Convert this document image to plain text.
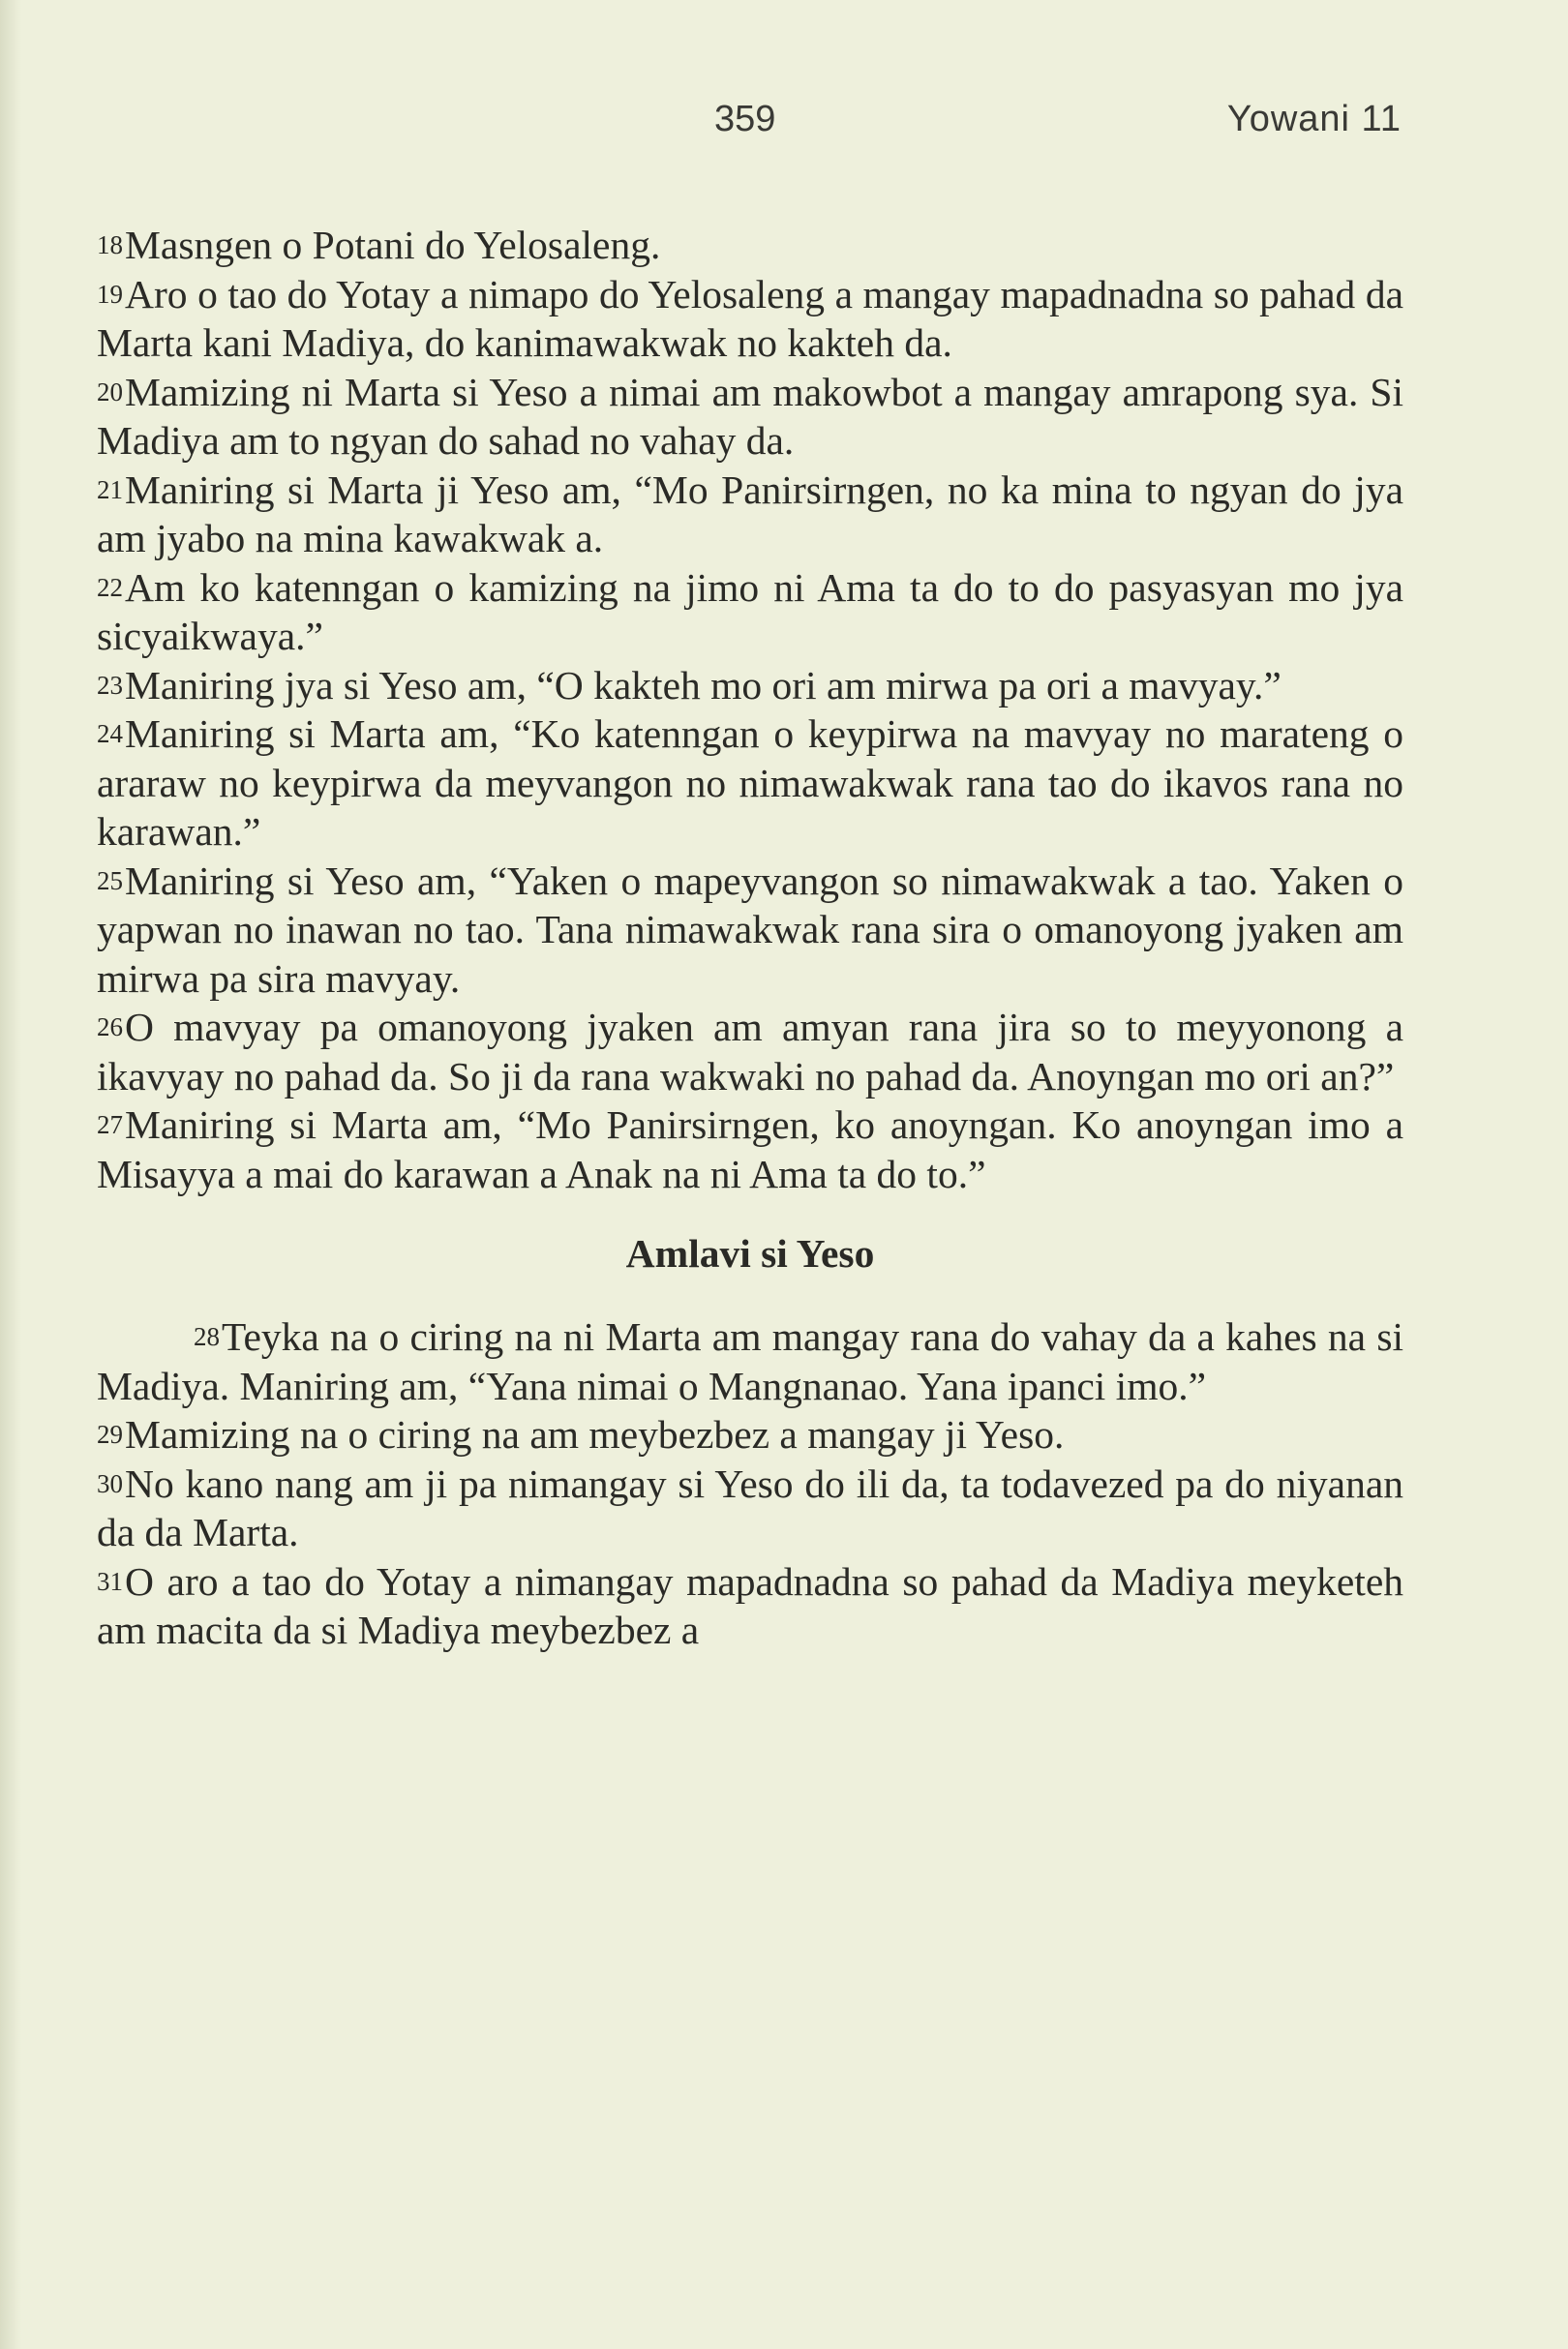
359	Yowani 11

18Masngen o Potani do Yelosaleng.

19Aro o tao do Yotay a nimapo do Yelosaleng a mangay mapadnadna so pahad da Marta kani Madiya, do kanimawakwak no kakteh da.

20Mamizing ni Marta si Yeso a nimai am makowbot a mangay amrapong sya. Si Madiya am to ngyan do sahad no vahay da.

21Maniring si Marta ji Yeso am, “Mo Panirsirngen, no ka mina to ngyan do jya am jyabo na mina kawakwak a.

22Am ko katenngan o kamizing na jimo ni Ama ta do to do pasyasyan mo jya sicyaikwaya.”

23Maniring jya si Yeso am, “O kakteh mo ori am mirwa pa ori a mavyay.”

24Maniring si Marta am, “Ko katenngan o keypirwa na mavyay no marateng o araraw no keypirwa da meyvangon no nimawakwak rana tao do ikavos rana no karawan.”

25Maniring si Yeso am, “Yaken o mapeyvangon so nimawakwak a tao. Yaken o yapwan no inawan no tao. Tana nimawakwak rana sira o omanoyong jyaken am mirwa pa sira mavyay.

26O mavyay pa omanoyong jyaken am amyan rana jira so to meyyonong a ikavyay no pahad da. So ji da rana wakwaki no pahad da. Anoyngan mo ori an?”

27Maniring si Marta am, “Mo Panirsirngen, ko anoyngan. Ko anoyngan imo a Misayya a mai do karawan a Anak na ni Ama ta do to.”

Amlavi si Yeso

28Teyka na o ciring na ni Marta am mangay rana do vahay da a kahes na si Madiya. Maniring am, “Yana nimai o Mangnanao. Yana ipanci imo.”

29Mamizing na o ciring na am meybezbez a mangay ji Yeso.

30No kano nang am ji pa nimangay si Yeso do ili da, ta todavezed pa do niyanan da da Marta.

31O aro a tao do Yotay a nimangay mapadnadna so pahad da Madiya meyketeh am macita da si Madiya meybezbez a
